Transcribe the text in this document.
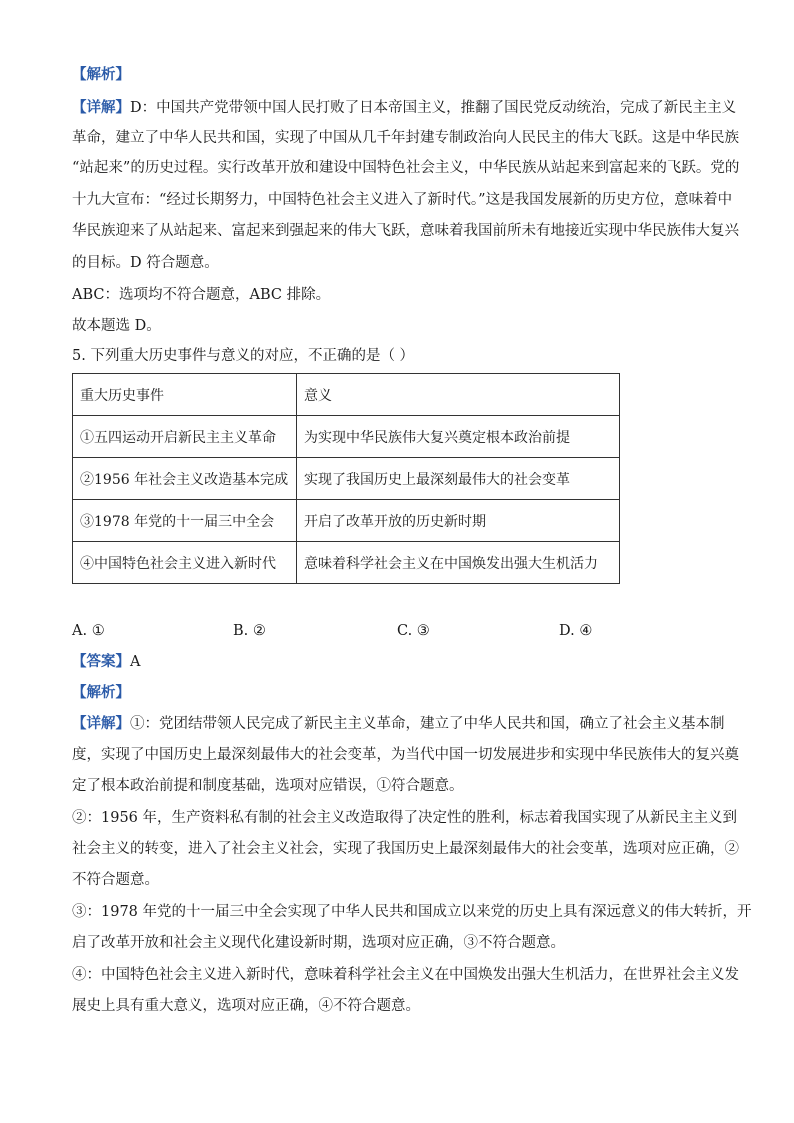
【解析】
【详解】D：中国共产党带领中国人民打败了日本帝国主义，推翻了国民党反动统治，完成了新民主主义
革命，建立了中华人民共和国，实现了中国从几千年封建专制政治向人民民主的伟大飞跃。这是中华民族
“站起来”的历史过程。实行改革开放和建设中国特色社会主义，中华民族从站起来到富起来的飞跃。党的
十九大宣布：“经过长期努力，中国特色社会主义进入了新时代。”这是我国发展新的历史方位，意味着中
华民族迎来了从站起来、富起来到强起来的伟大飞跃，意味着我国前所未有地接近实现中华民族伟大复兴
的目标。D 符合题意。
ABC：选项均不符合题意，ABC 排除。
故本题选 D。
5. 下列重大历史事件与意义的对应，不正确的是（ ）
重大历史事件	意义
①五四运动开启新民主主义革命	为实现中华民族伟大复兴奠定根本政治前提
②1956 年社会主义改造基本完成	实现了我国历史上最深刻最伟大的社会变革
③1978 年党的十一届三中全会	开启了改革开放的历史新时期
④中国特色社会主义进入新时代	意味着科学社会主义在中国焕发出强大生机活力
A. ①	B. ②	C. ③	D. ④
【答案】A
【解析】
【详解】①：党团结带领人民完成了新民主主义革命，建立了中华人民共和国，确立了社会主义基本制
度，实现了中国历史上最深刻最伟大的社会变革，为当代中国一切发展进步和实现中华民族伟大的复兴奠
定了根本政治前提和制度基础，选项对应错误，①符合题意。
②：1956 年，生产资料私有制的社会主义改造取得了决定性的胜利，标志着我国实现了从新民主主义到
社会主义的转变，进入了社会主义社会，实现了我国历史上最深刻最伟大的社会变革，选项对应正确，②
不符合题意。
③：1978 年党的十一届三中全会实现了中华人民共和国成立以来党的历史上具有深远意义的伟大转折，开
启了改革开放和社会主义现代化建设新时期，选项对应正确，③不符合题意。
④：中国特色社会主义进入新时代，意味着科学社会主义在中国焕发出强大生机活力，在世界社会主义发
展史上具有重大意义，选项对应正确，④不符合题意。
